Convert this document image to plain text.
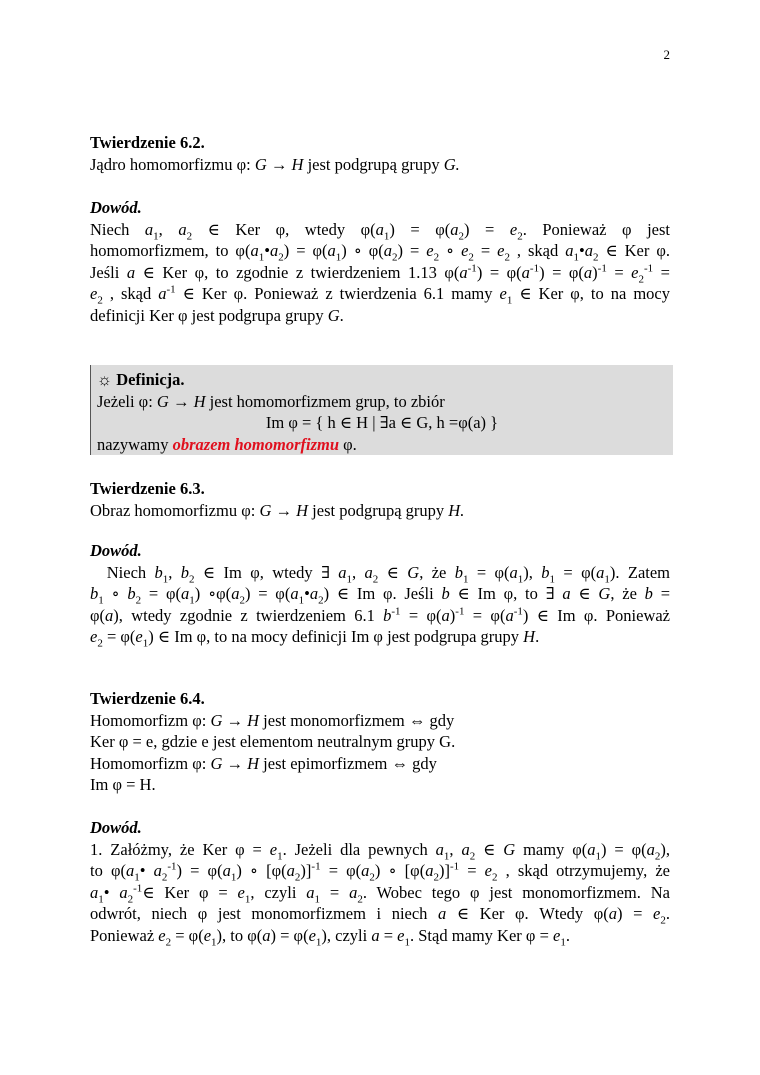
2
Twierdzenie 6.2.
Jądro homomorfizmu φ: G → H jest podgrupą grupy G.
Dowód.
Niech $a_1$, $a_2$ ∈ Ker φ, wtedy $\varphi(a_1) = \varphi(a_2) = e_2$. Ponieważ φ jest
homomorfizmem, to $\varphi(a_1•a_2) = \varphi(a_1)$ ∘ $\varphi(a_2) = e_2$ ∘ $e_2 = e_2$ , skąd $a_1•a_2$ ∈ Ker φ.
Jeśli a ∈ Ker φ, to zgodnie z twierdzeniem 1.13 $\varphi(a^{-1}) = \varphi(a^{-1}) = \varphi(a)^{-1} = e_2^{-1}$ =
$e_2$ , skąd $a^{-1}$ ∈ Ker φ. Ponieważ z twierdzenia 6.1 mamy $e_1$ ∈ Ker φ, to na mocy
definicji Ker φ jest podgrupa grupy G.
☼ Definicja.
Jeżeli φ: G → H jest homomorfizmem grup, to zbiór
Im φ = { h ∈ H | ∃a ∈ G, h =φ(a) }
nazywamy obrazem homomorfizmu φ.
Twierdzenie 6.3.
Obraz homomorfizmu φ: G → H jest podgrupą grupy H.
Dowód.
Niech $b_1$, $b_2$ ∈ Im φ, wtedy ∃ $a_1$, $a_2$ ∈ G, że $b_1 = \varphi(a_1)$, $b_1 = \varphi(a_1)$. Zatem
$b_1$ ∘ $b_2 = \varphi(a_1)$ $\circ\varphi(a_2)$ = $\varphi(a_1•a_2)$ ∈ Im φ. Jeśli b ∈ Im φ, to ∃ a ∈ G, że b =
φ(a), wtedy zgodnie z twierdzeniem 6.1 $b^{-1} = \varphi(a)^{-1} = \varphi(a^{-1})$ ∈ Im φ. Ponieważ
$e_2 = \varphi(e_1)$ ∈ Im φ, to na mocy definicji Im φ jest podgrupa grupy H.
Twierdzenie 6.4.
Homomorfizm φ: G → H jest monomorfizmem ⇔ gdy
Ker φ = e, gdzie e jest elementom neutralnym grupy G.
Homomorfizm φ: G → H jest epimorfizmem ⇔ gdy
Im φ = H.
Dowód.
1. Załóżmy, że Ker $\varphi = e_1$. Jeżeli dla pewnych $a_1$, $a_2$ ∈ G mamy $\varphi(a_1) = \varphi(a_2)$,
to $\varphi(a_1•$ $a_2^{-1}) = \varphi(a_1)$ ∘ $[\varphi(a_2)]^{-1} = \varphi(a_2)$ ∘ $[\varphi(a_2)]^{-1} = e_2$ , skąd otrzymujemy, że
$a_1•$ $a_2^{-1}\in$ Ker $\varphi = e_1$, czyli $a_1 = a_2$. Wobec tego φ jest monomorfizmem. Na
odwrót, niech φ jest monomorfizmem i niech a ∈ Ker φ. Wtedy $\varphi(a) = e_2$.
Ponieważ $e_2 = \varphi(e_1)$, to $\varphi(a) = \varphi(e_1)$, czyli $a = e_1$. Stąd mamy Ker $\varphi = e_1$.
